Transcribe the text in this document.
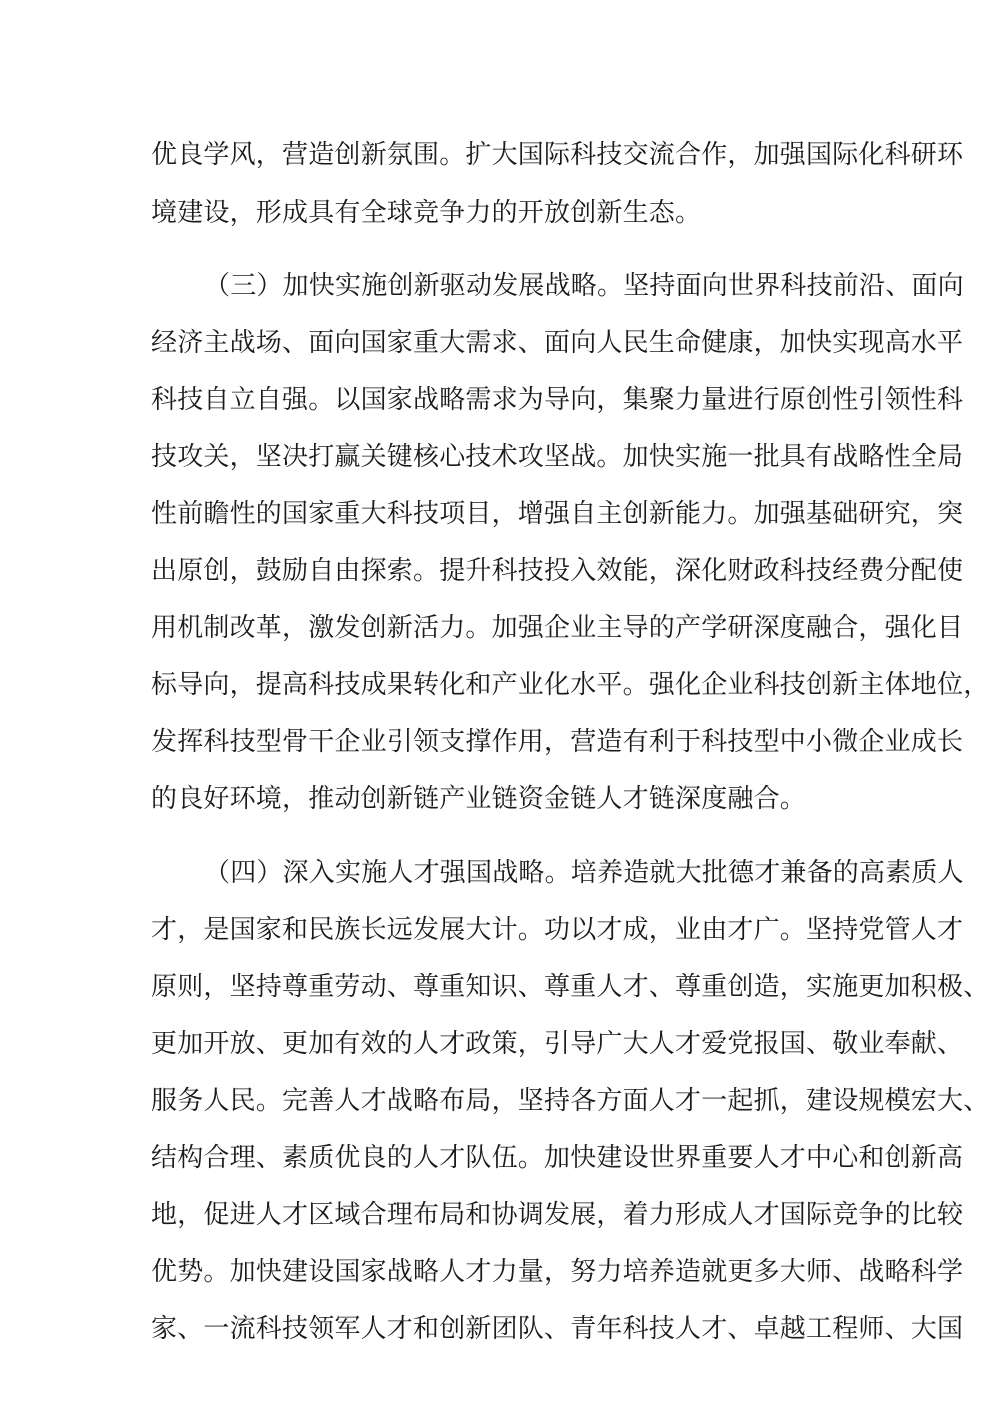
优良学风，营造创新氛围。扩大国际科技交流合作，加强国际化科研环
境建设，形成具有全球竞争力的开放创新生态。
（三）加快实施创新驱动发展战略。坚持面向世界科技前沿、面向
经济主战场、面向国家重大需求、面向人民生命健康，加快实现高水平
科技自立自强。以国家战略需求为导向，集聚力量进行原创性引领性科
技攻关，坚决打赢关键核心技术攻坚战。加快实施一批具有战略性全局
性前瞻性的国家重大科技项目，增强自主创新能力。加强基础研究，突
出原创，鼓励自由探索。提升科技投入效能，深化财政科技经费分配使
用机制改革，激发创新活力。加强企业主导的产学研深度融合，强化目
标导向，提高科技成果转化和产业化水平。强化企业科技创新主体地位，
发挥科技型骨干企业引领支撑作用，营造有利于科技型中小微企业成长
的良好环境，推动创新链产业链资金链人才链深度融合。
（四）深入实施人才强国战略。培养造就大批德才兼备的高素质人
才，是国家和民族长远发展大计。功以才成，业由才广。坚持党管人才
原则，坚持尊重劳动、尊重知识、尊重人才、尊重创造，实施更加积极、
更加开放、更加有效的人才政策，引导广大人才爱党报国、敬业奉献、
服务人民。完善人才战略布局，坚持各方面人才一起抓，建设规模宏大、
结构合理、素质优良的人才队伍。加快建设世界重要人才中心和创新高
地，促进人才区域合理布局和协调发展，着力形成人才国际竞争的比较
优势。加快建设国家战略人才力量，努力培养造就更多大师、战略科学
家、一流科技领军人才和创新团队、青年科技人才、卓越工程师、大国
